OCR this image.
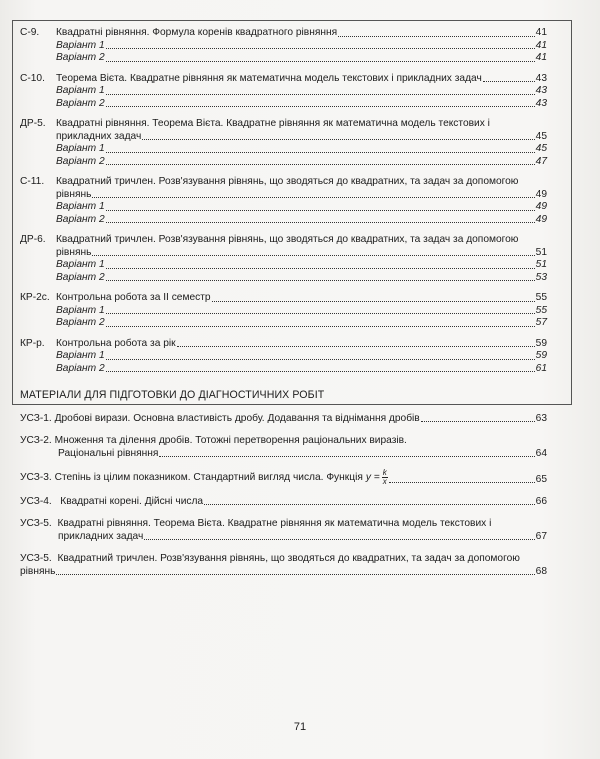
С-9. Квадратні рівняння. Формула коренів квадратного рівняння	41
Варіант 1	41
Варіант 2	41
С-10. Теорема Вієта. Квадратне рівняння як математична модель текстових і прикладних задач	43
Варіант 1	43
Варіант 2	43
ДР-5. Квадратні рівняння. Теорема Вієта. Квадратне рівняння як математична модель текстових і
прикладних задач	45
Варіант 1	45
Варіант 2	47
С-11. Квадратний тричлен. Розв'язування рівнянь, що зводяться до квадратних, та задач за допомогою
рівнянь	49
Варіант 1	49
Варіант 2	49
ДР-6. Квадратний тричлен. Розв'язування рівнянь, що зводяться до квадратних, та задач за допомогою
рівнянь	51
Варіант 1	51
Варіант 2	53
КР-2с. Контрольна робота за II семестр	55
Варіант 1	55
Варіант 2	57
КР-р. Контрольна робота за рік	59
Варіант 1	59
Варіант 2	61
МАТЕРІАЛИ ДЛЯ ПІДГОТОВКИ ДО ДІАГНОСТИЧНИХ РОБІТ
УСЗ-1. Дробові вирази. Основна властивість дробу. Додавання та віднімання дробів	63
УСЗ-2. Множення та ділення дробів. Тотожні перетворення раціональних виразів.
Раціональні рівняння	64
УСЗ-3. Степінь із цілим показником. Стандартний вигляд числа. Функція $y = \frac{k}{x}$	65
УСЗ-4. Квадратні корені. Дійсні числа	66
УСЗ-5. Квадратні рівняння. Теорема Вієта. Квадратне рівняння як математична модель текстових і
прикладних задач	67
УСЗ-5. Квадратний тричлен. Розв'язування рівнянь, що зводяться до квадратних, та задач за допомогою
рівнянь	68
71
